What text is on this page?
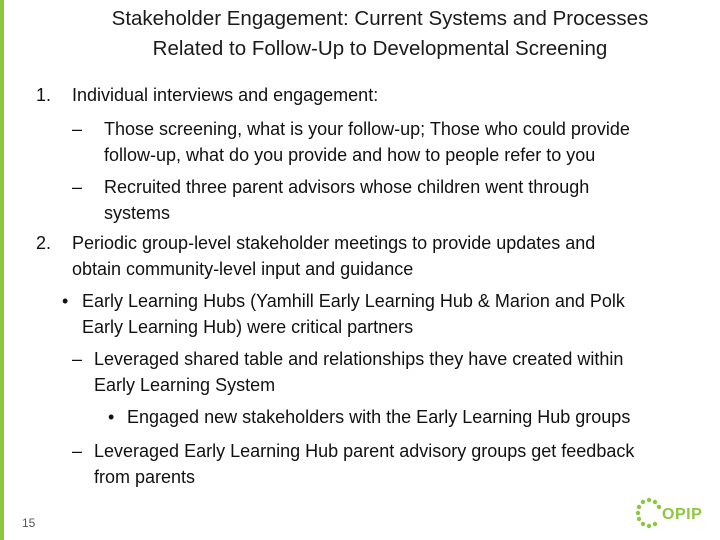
Stakeholder Engagement: Current Systems and Processes
Related to Follow-Up to Developmental Screening
1. Individual interviews and engagement:
– Those screening, what is your follow-up; Those who could provide
follow-up, what do you provide and how to people refer to you
– Recruited three parent advisors whose children went through
systems
2. Periodic group-level stakeholder meetings to provide updates and
obtain community-level input and guidance
• Early Learning Hubs (Yamhill Early Learning Hub & Marion and Polk
Early Learning Hub) were critical partners
– Leveraged shared table and relationships they have created within
Early Learning System
• Engaged new stakeholders with the Early Learning Hub groups
– Leveraged Early Learning Hub parent advisory groups get feedback
from parents
15	OPIP
